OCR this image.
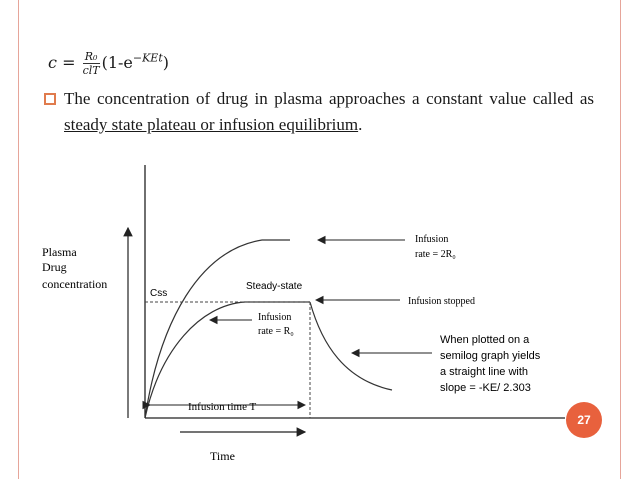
$c = \frac{\text{R₀}}{\text{clT}} (1-e^{-KEt})$
The concentration of drug in plasma approaches a constant value called as steady state plateau or infusion equilibrium.
Plasma
Drug
concentration
Css
Steady-state
Infusion
rate = 2R₀
Infusion stopped
Infusion
rate = R₀
When plotted on a
semilog graph yields
a straight line with
slope = -KE/ 2.303
Infusion time T
Time
27
